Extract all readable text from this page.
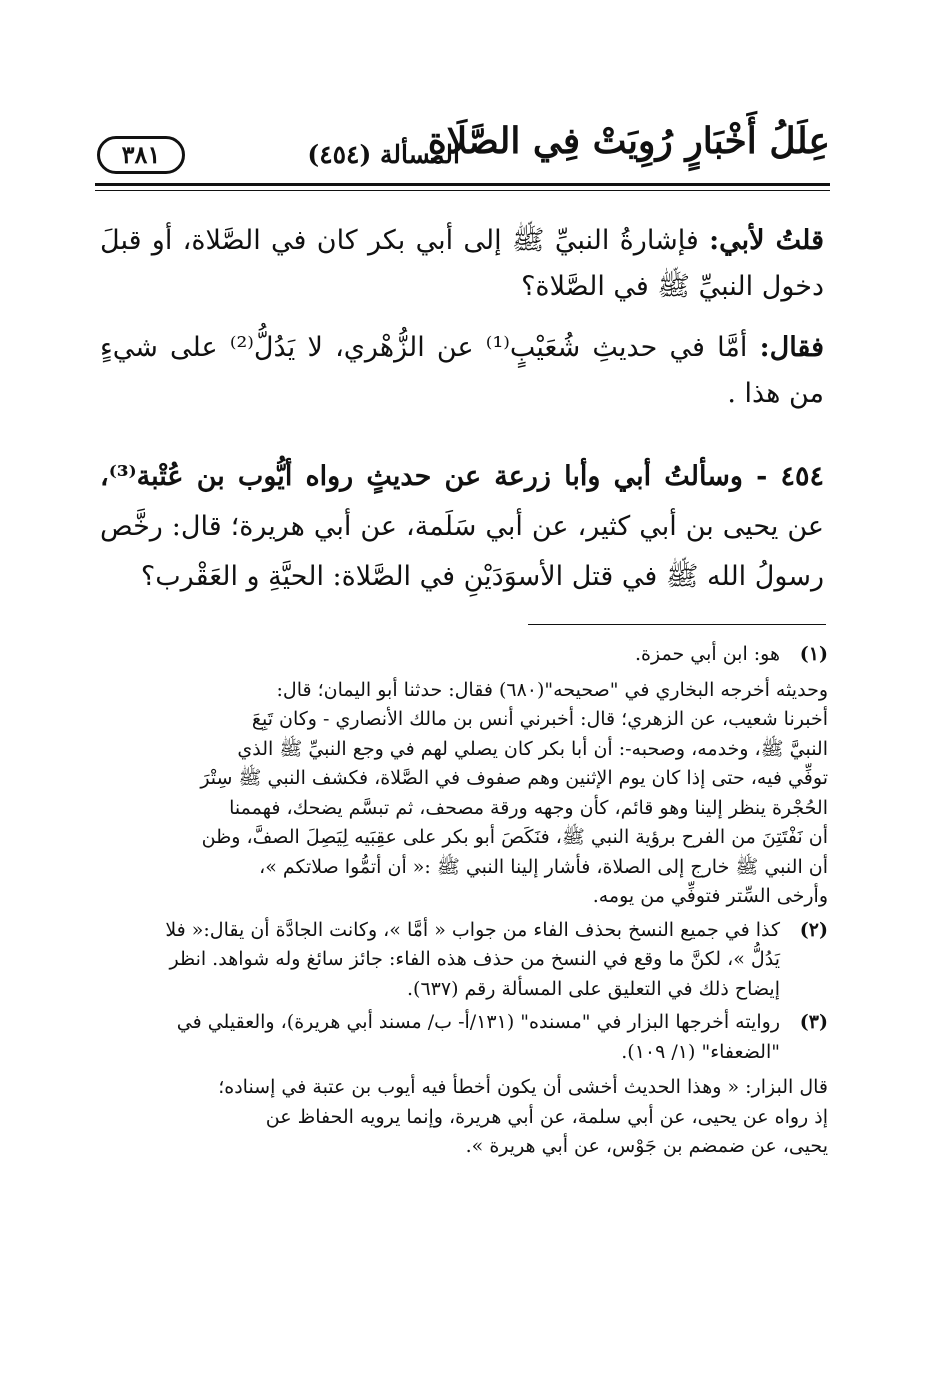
عِلَلُ أَخْبَارٍ رُوِيَتْ فِي الصَّلَاةِ
المسألة (٤٥٤)
٣٨١
قلتُ لأبي: فإشارةُ النبيِّ ﷺ إلى أبي بكر كان في الصَّلاة، أو قبلَ دخول النبيِّ ﷺ في الصَّلاة؟
فقال: أمَّا في حديثِ شُعَيْبٍ⁽¹⁾ عن الزُّهْري، لا يَدُلُّ⁽²⁾ على شيءٍ من هذا .
٤٥٤ - وسألتُ أبي وأبا زرعة عن حديثٍ رواه أيُّوب بن عُتْبة⁽³⁾، عن يحيى بن أبي كثير، عن أبي سَلَمة، عن أبي هريرة؛ قال: رخَّص رسولُ الله ﷺ في قتل الأسوَدَيْنِ في الصَّلاة: الحيَّةِ و العَقْرب؟
(١)
هو: ابن أبي حمزة.
وحديثه أخرجه البخاري في "صحيحه"(٦٨٠) فقال: حدثنا أبو اليمان؛ قال:
أخبرنا شعيب، عن الزهري؛ قال: أخبرني أنس بن مالك الأنصاري - وكان تَبِعَ
النبيَّ ﷺ، وخدمه، وصحبه-: أن أبا بكر كان يصلي لهم في وجع النبيِّ ﷺ الذي
توفِّي فيه، حتى إذا كان يوم الإثنين وهم صفوف في الصَّلاة، فكشف النبي ﷺ سِتْرَ
الحُجْرة ينظر إلينا وهو قائم، كأن وجهه ورقة مصحف، ثم تبسَّم يضحك، فهممنا
أن نَفْتَتِنَ من الفرح برؤية النبي ﷺ، فنَكَصَ أبو بكر على عقِبَيه لِيَصِلَ الصفَّ، وظن
أن النبي ﷺ خارج إلى الصلاة، فأشار إلينا النبي ﷺ :« أن أتمُّوا صلاتكم »،
وأرخى السِّتر فتوفِّي من يومه.
(٢)
كذا في جميع النسخ بحذف الفاء من جواب « أمَّا »، وكانت الجادَّة أن يقال:« فلا
يَدُلُّ »، لكنَّ ما وقع في النسخ من حذف هذه الفاء: جائز سائغ وله شواهد. انظر
إيضاح ذلك في التعليق على المسألة رقم (٦٣٧).
(٣)
روايته أخرجها البزار في "مسنده" (١٣١/أ- ب/ مسند أبي هريرة)، والعقيلي في
"الضعفاء" (١/ ١٠٩).
قال البزار: « وهذا الحديث أخشى أن يكون أخطأ فيه أيوب بن عتبة في إسناده؛
إذ رواه عن يحيى، عن أبي سلمة، عن أبي هريرة، وإنما يرويه الحفاظ عن
يحيى، عن ضمضم بن جَوْس، عن أبي هريرة ».
